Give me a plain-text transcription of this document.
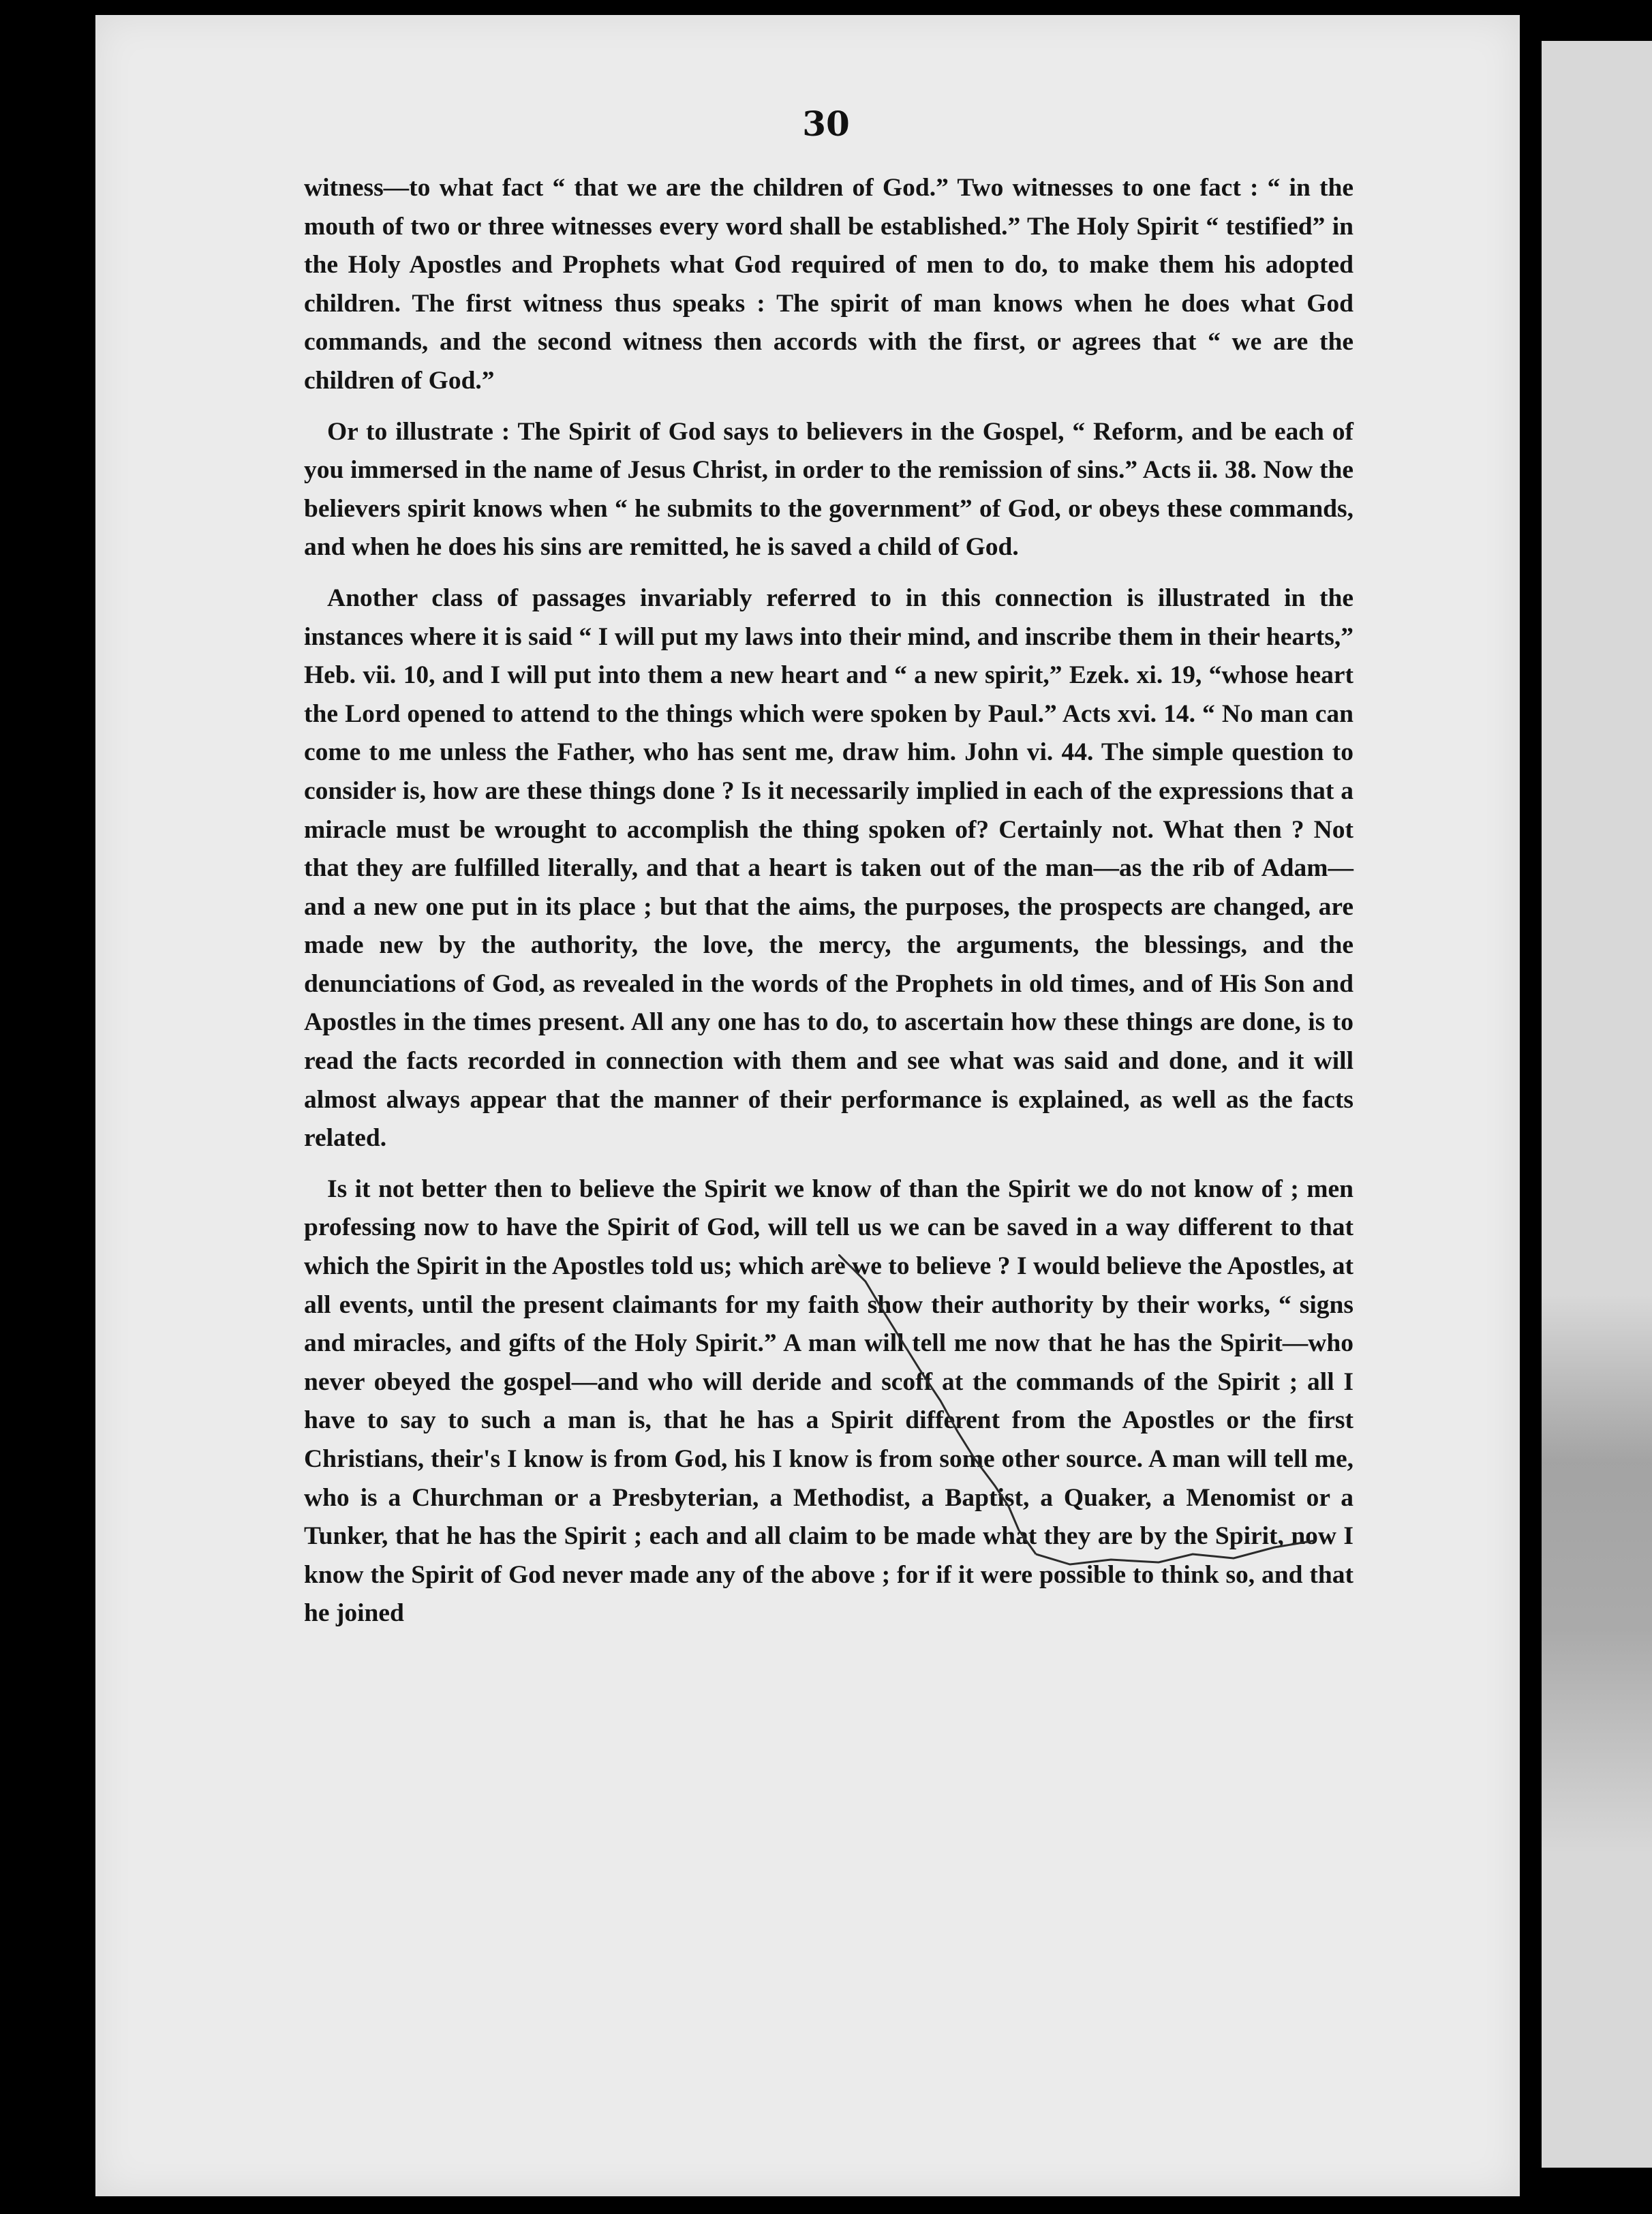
30

witness—to what fact “ that we are the children of God.” Two witnesses to one fact : “ in the mouth of two or three witnesses every word shall be established.” The Holy Spirit “ testified” in the Holy Apostles and Prophets what God required of men to do, to make them his adopted children. The first witness thus speaks : The spirit of man knows when he does what God commands, and the second witness then accords with the first, or agrees that “ we are the children of God.”

Or to illustrate : The Spirit of God says to believers in the Gospel, “ Reform, and be each of you immersed in the name of Jesus Christ, in order to the remission of sins.” Acts ii. 38. Now the believers spirit knows when “ he submits to the government” of God, or obeys these commands, and when he does his sins are remitted, he is saved a child of God.

Another class of passages invariably referred to in this connection is illustrated in the instances where it is said “ I will put my laws into their mind, and inscribe them in their hearts,” Heb. vii. 10, and I will put into them a new heart and “ a new spirit,” Ezek. xi. 19, “whose heart the Lord opened to attend to the things which were spoken by Paul.” Acts xvi. 14. “ No man can come to me unless the Father, who has sent me, draw him. John vi. 44. The simple question to consider is, how are these things done ? Is it necessarily implied in each of the expressions that a miracle must be wrought to accomplish the thing spoken of? Certainly not. What then ? Not that they are fulfilled literally, and that a heart is taken out of the man—as the rib of Adam—and a new one put in its place ; but that the aims, the purposes, the prospects are changed, are made new by the authority, the love, the mercy, the arguments, the blessings, and the denunciations of God, as revealed in the words of the Prophets in old times, and of His Son and Apostles in the times present. All any one has to do, to ascertain how these things are done, is to read the facts recorded in connection with them and see what was said and done, and it will almost always appear that the manner of their performance is explained, as well as the facts related.

Is it not better then to believe the Spirit we know of than the Spirit we do not know of ; men professing now to have the Spirit of God, will tell us we can be saved in a way different to that which the Spirit in the Apostles told us; which are we to believe ? I would believe the Apostles, at all events, until the present claimants for my faith show their authority by their works, “ signs and miracles, and gifts of the Holy Spirit.” A man will tell me now that he has the Spirit—who never obeyed the gospel—and who will deride and scoff at the commands of the Spirit ; all I have to say to such a man is, that he has a Spirit different from the Apostles or the first Christians, their's I know is from God, his I know is from some other source. A man will tell me, who is a Churchman or a Presbyterian, a Methodist, a Baptist, a Quaker, a Menomist or a Tunker, that he has the Spirit ; each and all claim to be made what they are by the Spirit, now I know the Spirit of God never made any of the above ; for if it were possible to think so, and that he joined
